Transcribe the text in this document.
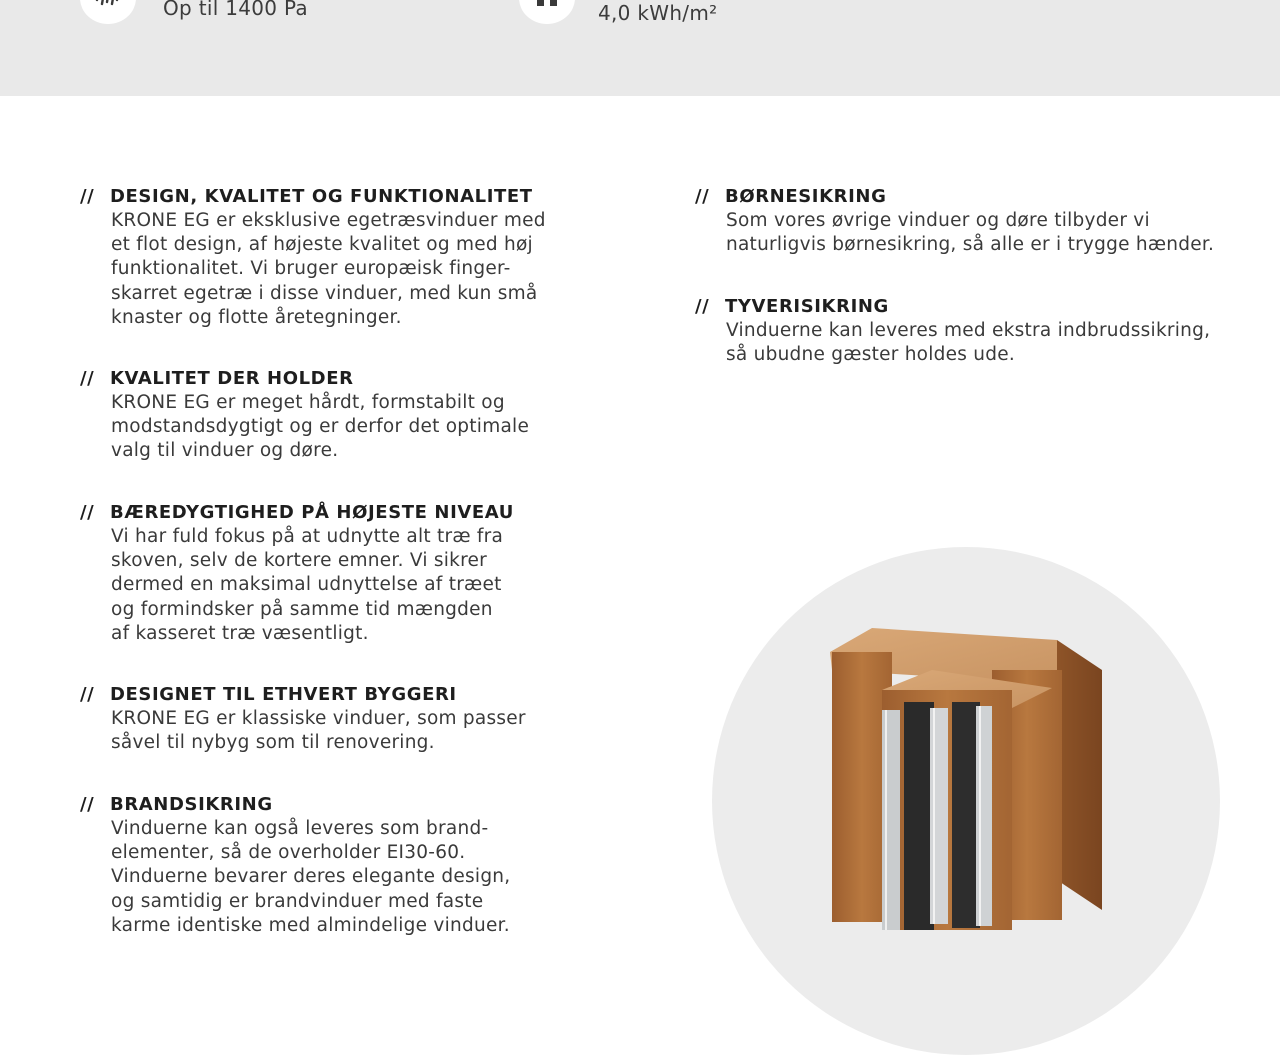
Op til 1400 Pa	4,0 kWh/m²
// DESIGN, KVALITET OG FUNKTIONALITET
KRONE EG er eksklusive egetræsvinduer med
et flot design, af højeste kvalitet og med høj
funktionalitet. Vi bruger europæisk finger-
skarret egetræ i disse vinduer, med kun små
knaster og flotte åretegninger.
// KVALITET DER HOLDER
KRONE EG er meget hårdt, formstabilt og
modstandsdygtigt og er derfor det optimale
valg til vinduer og døre.
// BÆREDYGTIGHED PÅ HØJESTE NIVEAU
Vi har fuld fokus på at udnytte alt træ fra
skoven, selv de kortere emner. Vi sikrer
dermed en maksimal udnyttelse af træet
og formindsker på samme tid mængden
af kasseret træ væsentligt.
// DESIGNET TIL ETHVERT BYGGERI
KRONE EG er klassiske vinduer, som passer
såvel til nybyg som til renovering.
// BRANDSIKRING
Vinduerne kan også leveres som brand-
elementer, så de overholder EI30-60.
Vinduerne bevarer deres elegante design,
og samtidig er brandvinduer med faste
karme identiske med almindelige vinduer.
// BØRNESIKRING
Som vores øvrige vinduer og døre tilbyder vi
naturligvis børnesikring, så alle er i trygge hænder.
// TYVERISIKRING
Vinduerne kan leveres med ekstra indbrudssikring,
så ubudne gæster holdes ude.
